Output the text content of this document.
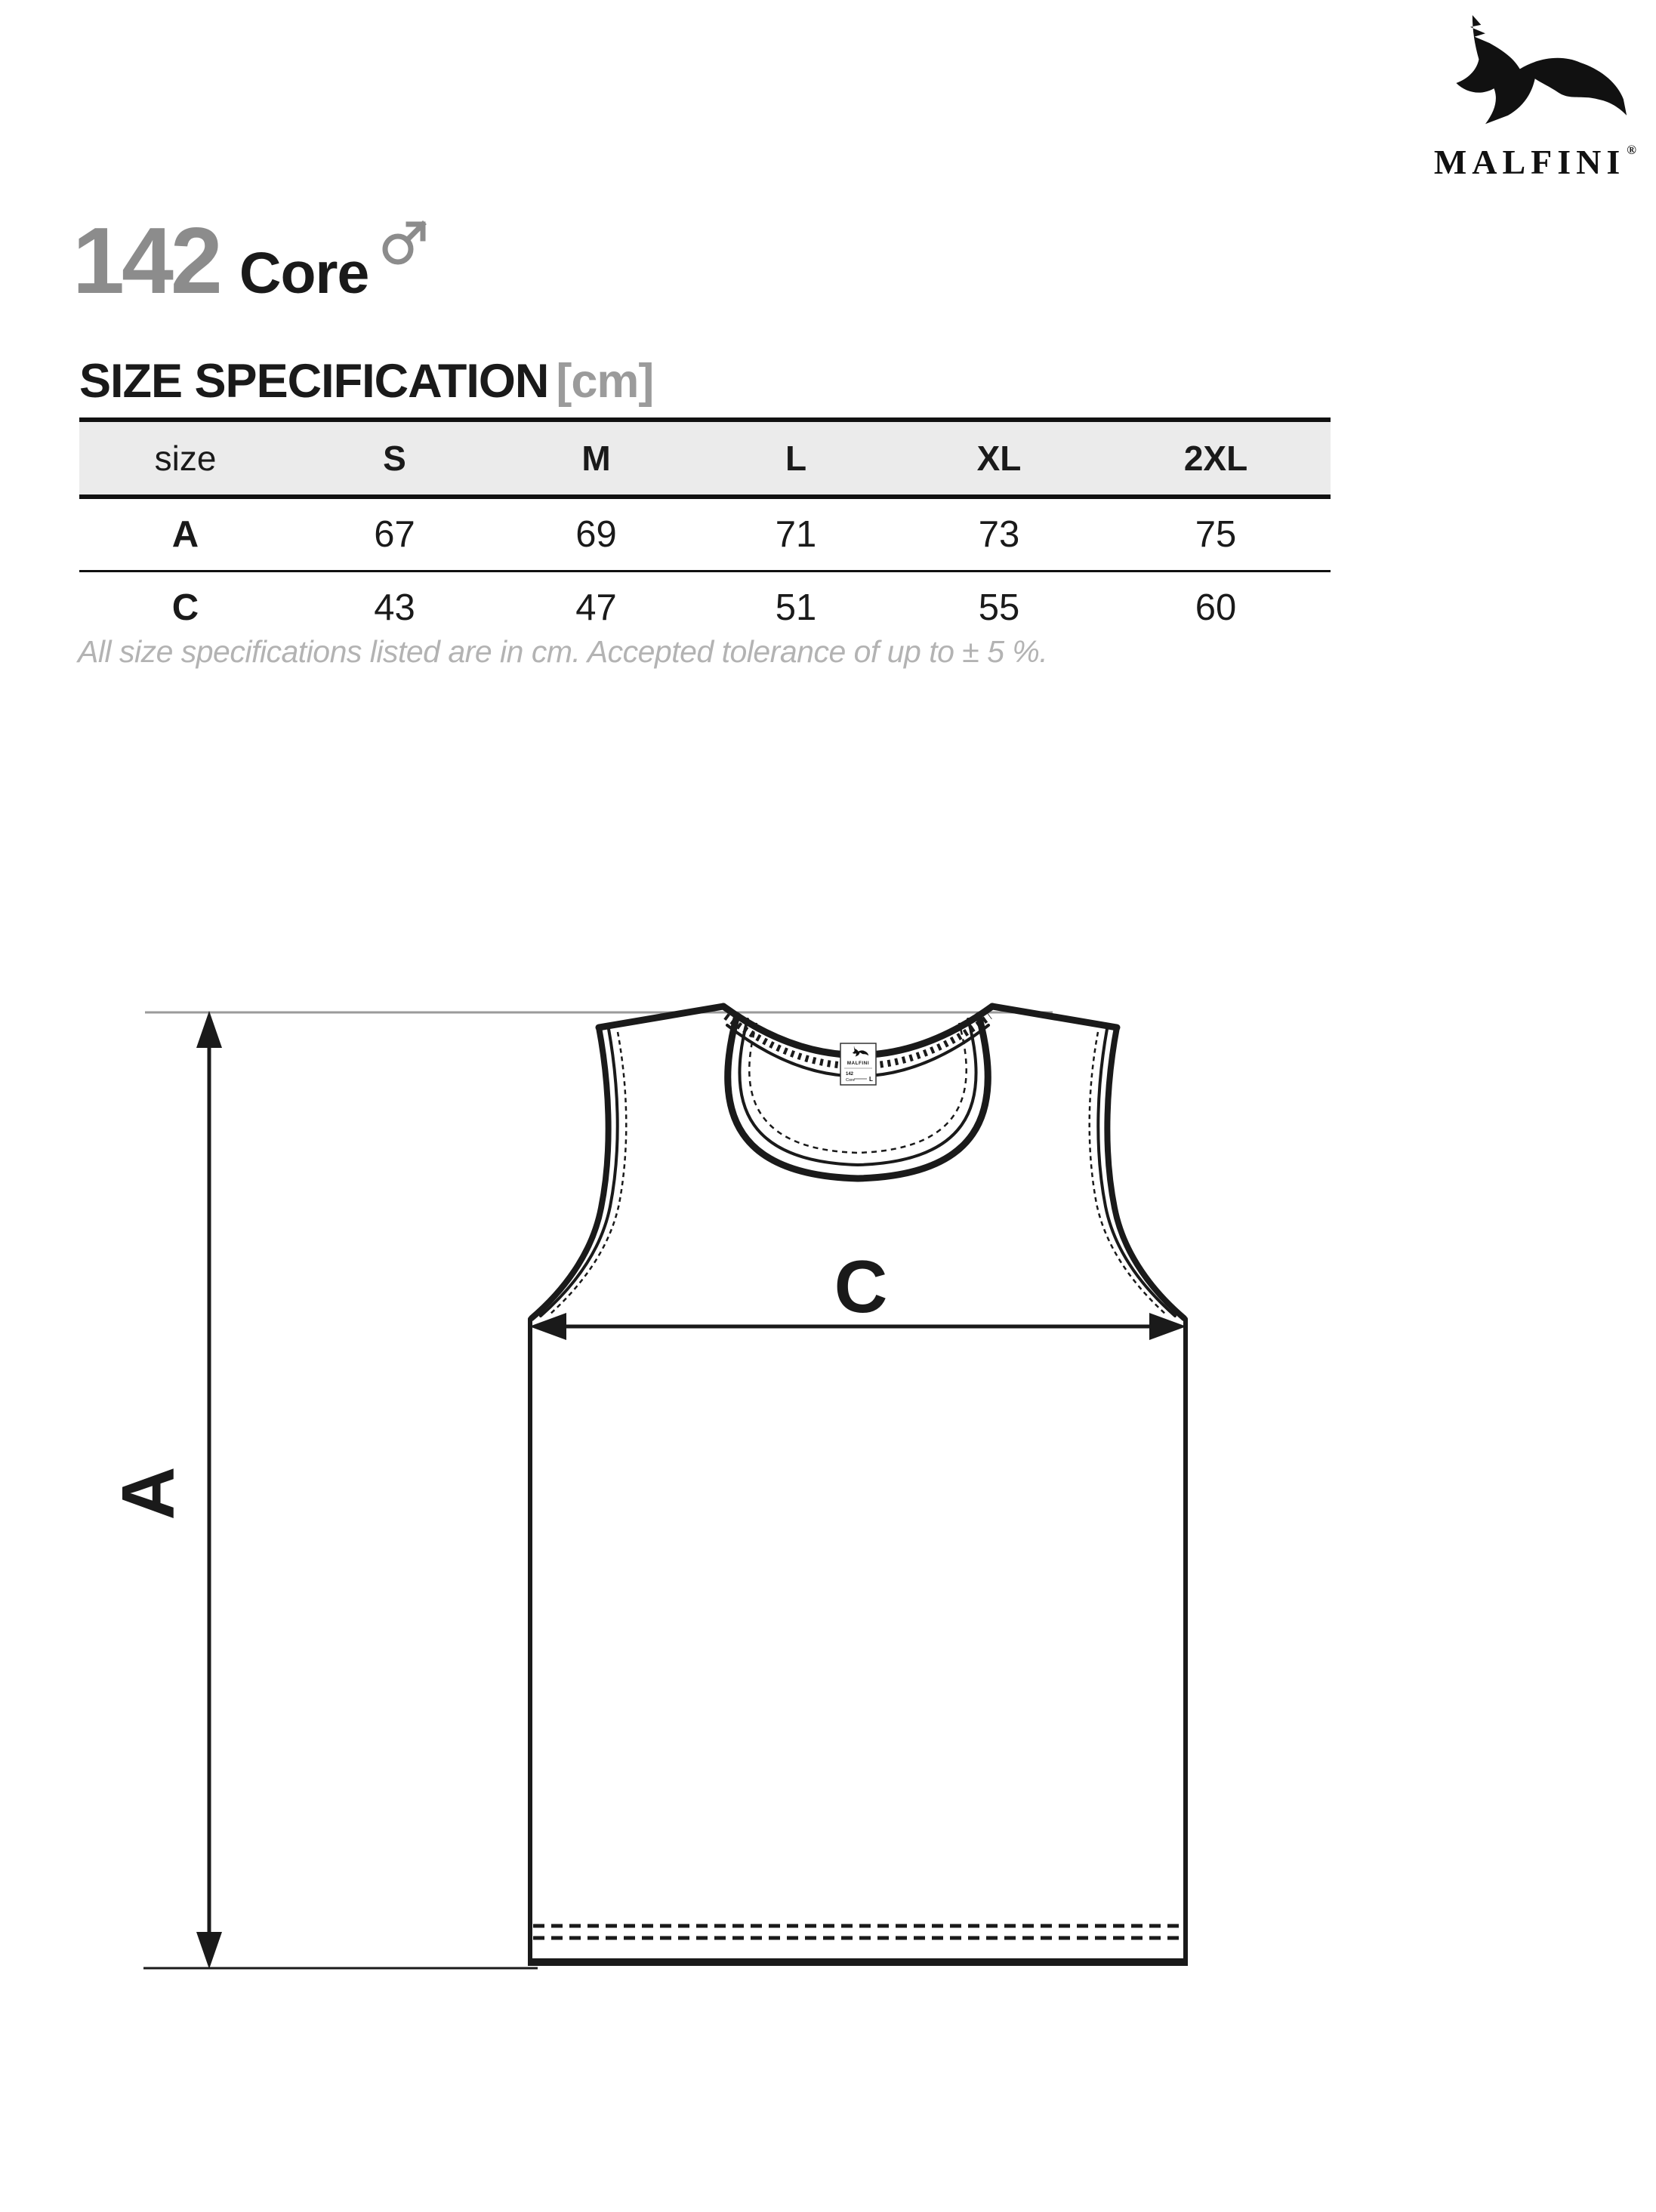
MALFINI ®
142 Core
SIZE SPECIFICATION [cm]
size	S	M	L	XL	2XL
A	67	69	71	73	75
C	43	47	51	55	60

All size specifications listed are in cm. Accepted tolerance of up to ± 5 %.

A
C
MALFINI
142
Core L
